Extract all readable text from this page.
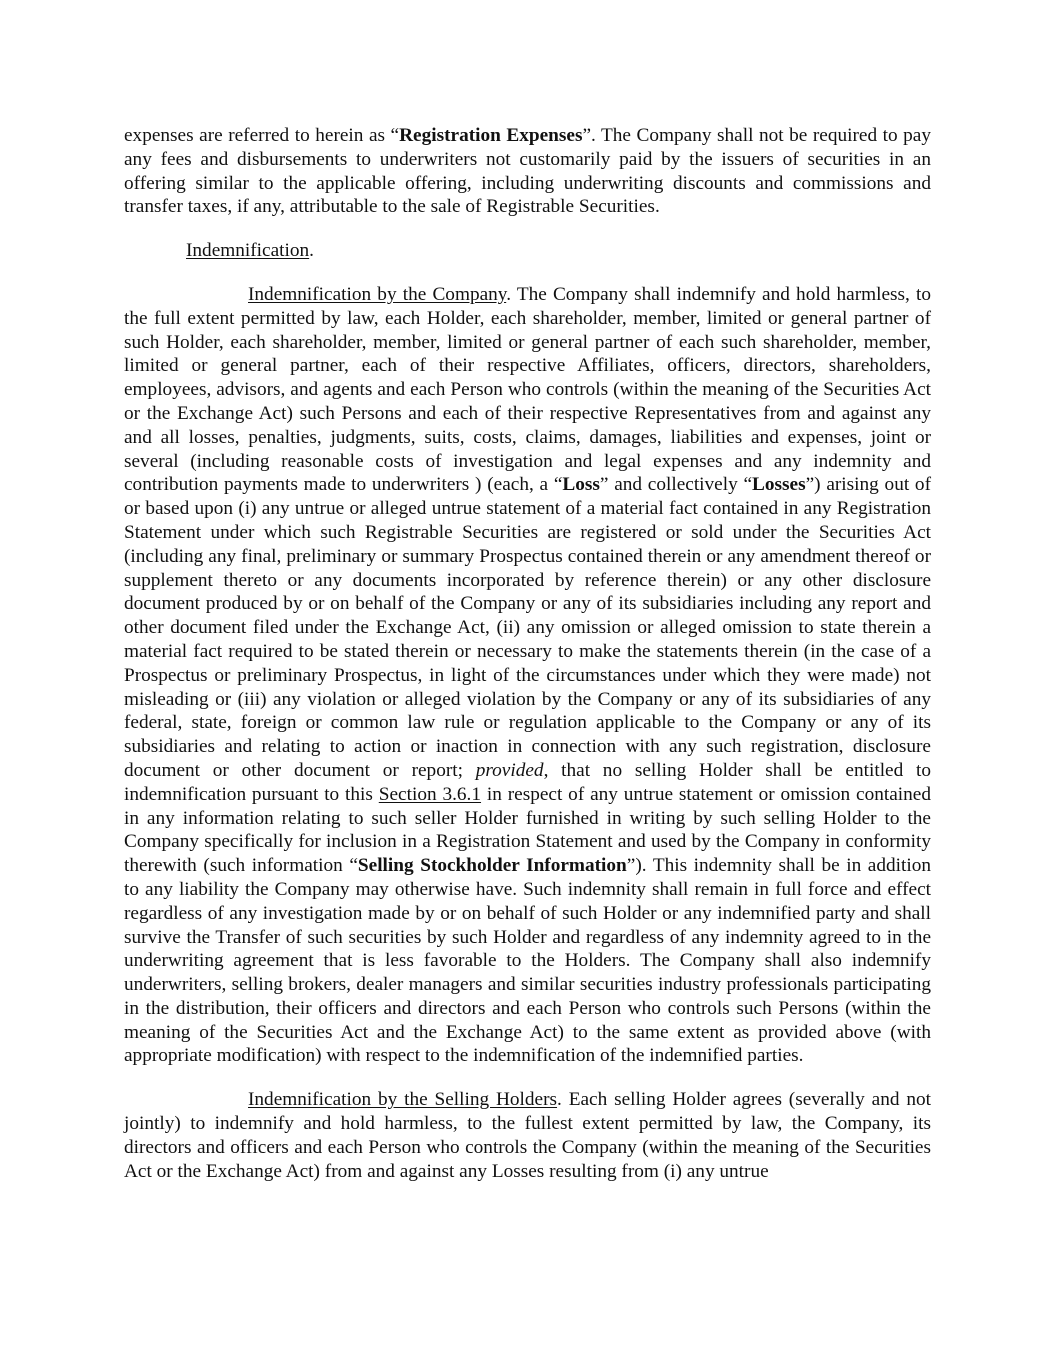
expenses are referred to herein as “Registration Expenses”. The Company shall not be required to pay any fees and disbursements to underwriters not customarily paid by the issuers of securities in an offering similar to the applicable offering, including underwriting discounts and commissions and transfer taxes, if any, attributable to the sale of Registrable Securities.

Indemnification.

Indemnification by the Company. The Company shall indemnify and hold harmless, to the full extent permitted by law, each Holder, each shareholder, member, limited or general partner of such Holder, each shareholder, member, limited or general partner of each such shareholder, member, limited or general partner, each of their respective Affiliates, officers, directors, shareholders, employees, advisors, and agents and each Person who controls (within the meaning of the Securities Act or the Exchange Act) such Persons and each of their respective Representatives from and against any and all losses, penalties, judgments, suits, costs, claims, damages, liabilities and expenses, joint or several (including reasonable costs of investigation and legal expenses and any indemnity and contribution payments made to underwriters ) (each, a “Loss” and collectively “Losses”) arising out of or based upon (i) any untrue or alleged untrue statement of a material fact contained in any Registration Statement under which such Registrable Securities are registered or sold under the Securities Act (including any final, preliminary or summary Prospectus contained therein or any amendment thereof or supplement thereto or any documents incorporated by reference therein) or any other disclosure document produced by or on behalf of the Company or any of its subsidiaries including any report and other document filed under the Exchange Act, (ii) any omission or alleged omission to state therein a material fact required to be stated therein or necessary to make the statements therein (in the case of a Prospectus or preliminary Prospectus, in light of the circumstances under which they were made) not misleading or (iii) any violation or alleged violation by the Company or any of its subsidiaries of any federal, state, foreign or common law rule or regulation applicable to the Company or any of its subsidiaries and relating to action or inaction in connection with any such registration, disclosure document or other document or report; provided, that no selling Holder shall be entitled to indemnification pursuant to this Section 3.6.1 in respect of any untrue statement or omission contained in any information relating to such seller Holder furnished in writing by such selling Holder to the Company specifically for inclusion in a Registration Statement and used by the Company in conformity therewith (such information “Selling Stockholder Information”). This indemnity shall be in addition to any liability the Company may otherwise have. Such indemnity shall remain in full force and effect regardless of any investigation made by or on behalf of such Holder or any indemnified party and shall survive the Transfer of such securities by such Holder and regardless of any indemnity agreed to in the underwriting agreement that is less favorable to the Holders. The Company shall also indemnify underwriters, selling brokers, dealer managers and similar securities industry professionals participating in the distribution, their officers and directors and each Person who controls such Persons (within the meaning of the Securities Act and the Exchange Act) to the same extent as provided above (with appropriate modification) with respect to the indemnification of the indemnified parties.

Indemnification by the Selling Holders. Each selling Holder agrees (severally and not jointly) to indemnify and hold harmless, to the fullest extent permitted by law, the Company, its directors and officers and each Person who controls the Company (within the meaning of the Securities Act or the Exchange Act) from and against any Losses resulting from (i) any untrue
